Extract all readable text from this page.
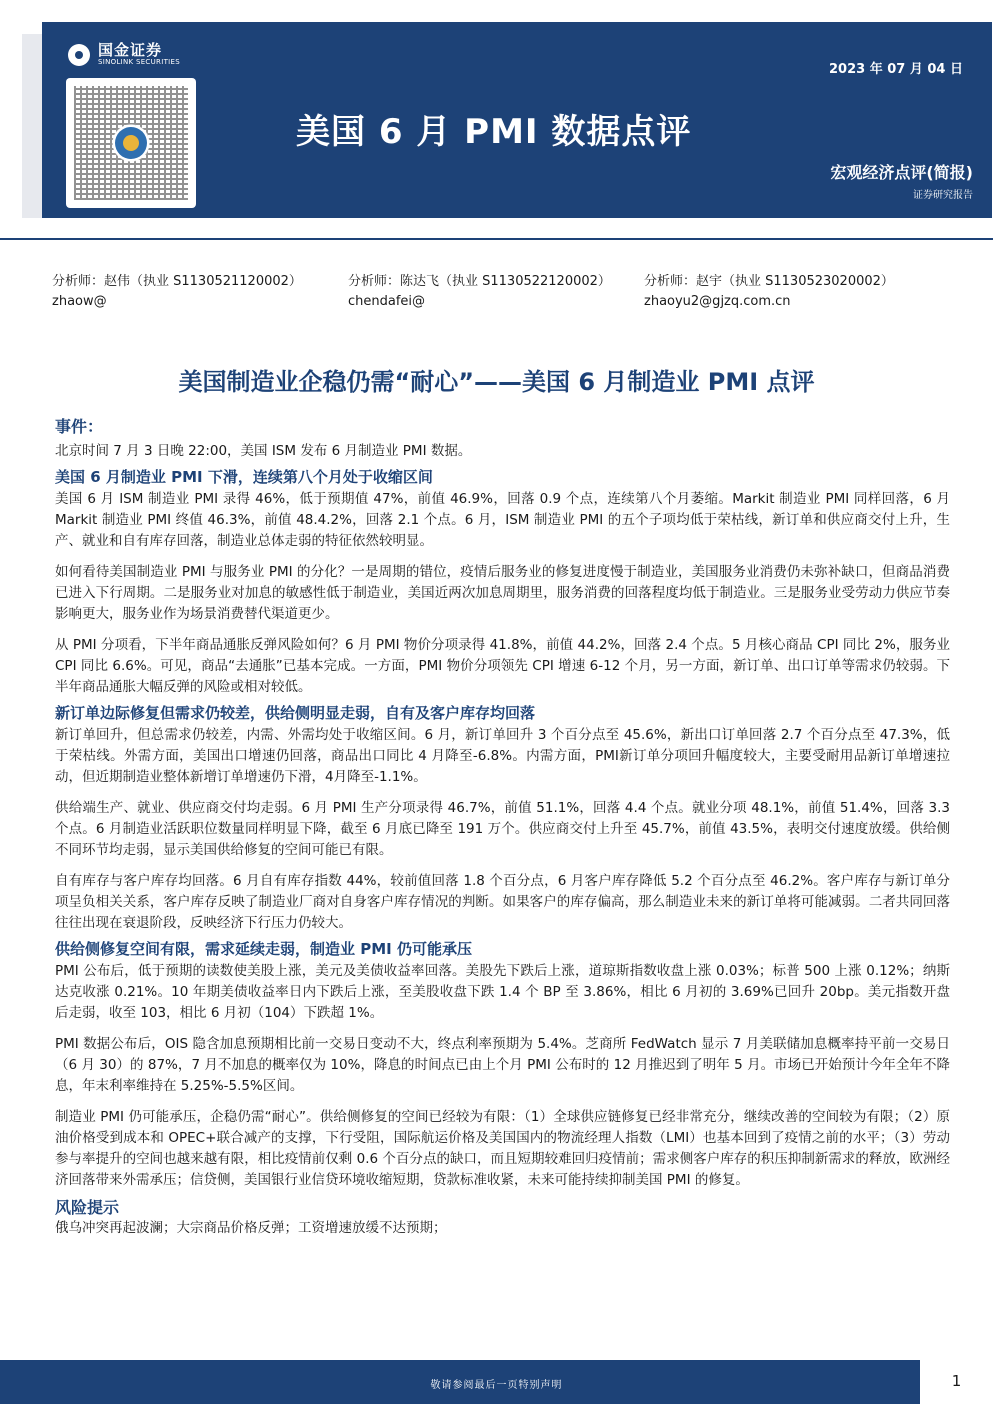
国金证券
SINOLINK SECURITIES	2023 年 07 月 04 日
美国 6 月 PMI 数据点评
宏观经济点评(简报)
证券研究报告
分析师：赵伟（执业 S1130521120002）
zhaow@
分析师：陈达飞（执业 S1130522120002）
chendafei@
分析师：赵宇（执业 S1130523020002）
zhaoyu2@gjzq.com.cn
美国制造业企稳仍需“耐心”——美国 6 月制造业 PMI 点评
事件：

北京时间 7 月 3 日晚 22:00，美国 ISM 发布 6 月制造业 PMI 数据。

美国 6 月制造业 PMI 下滑，连续第八个月处于收缩区间

美国 6 月 ISM 制造业 PMI 录得 46%，低于预期值 47%，前值 46.9%，回落 0.9 个点，连续第八个月萎缩。Markit 制造业 PMI 同样回落，6 月 Markit 制造业 PMI 终值 46.3%，前值 48.4.2%，回落 2.1 个点。6 月，ISM 制造业 PMI 的五个子项均低于荣枯线，新订单和供应商交付上升，生产、就业和自有库存回落，制造业总体走弱的特征依然较明显。

如何看待美国制造业 PMI 与服务业 PMI 的分化？一是周期的错位，疫情后服务业的修复进度慢于制造业，美国服务业消费仍未弥补缺口，但商品消费已进入下行周期。二是服务业对加息的敏感性低于制造业，美国近两次加息周期里，服务消费的回落程度均低于制造业。三是服务业受劳动力供应节奏影响更大，服务业作为场景消费替代渠道更少。

从 PMI 分项看，下半年商品通胀反弹风险如何？6 月 PMI 物价分项录得 41.8%，前值 44.2%，回落 2.4 个点。5 月核心商品 CPI 同比 2%，服务业 CPI 同比 6.6%。可见，商品“去通胀”已基本完成。一方面，PMI 物价分项领先 CPI 增速 6-12 个月，另一方面，新订单、出口订单等需求仍较弱。下半年商品通胀大幅反弹的风险或相对较低。

新订单边际修复但需求仍较差，供给侧明显走弱，自有及客户库存均回落

新订单回升，但总需求仍较差，内需、外需均处于收缩区间。6 月，新订单回升 3 个百分点至 45.6%，新出口订单回落 2.7 个百分点至 47.3%，低于荣枯线。外需方面，美国出口增速仍回落，商品出口同比 4 月降至-6.8%。内需方面，PMI新订单分项回升幅度较大，主要受耐用品新订单增速拉动，但近期制造业整体新增订单增速仍下滑，4月降至-1.1%。

供给端生产、就业、供应商交付均走弱。6 月 PMI 生产分项录得 46.7%，前值 51.1%，回落 4.4 个点。就业分项 48.1%，前值 51.4%，回落 3.3 个点。6 月制造业活跃职位数量同样明显下降，截至 6 月底已降至 191 万个。供应商交付上升至 45.7%，前值 43.5%，表明交付速度放缓。供给侧不同环节均走弱，显示美国供给修复的空间可能已有限。

自有库存与客户库存均回落。6 月自有库存指数 44%，较前值回落 1.8 个百分点，6 月客户库存降低 5.2 个百分点至 46.2%。客户库存与新订单分项呈负相关关系，客户库存反映了制造业厂商对自身客户库存情况的判断。如果客户的库存偏高，那么制造业未来的新订单将可能减弱。二者共同回落往往出现在衰退阶段，反映经济下行压力仍较大。

供给侧修复空间有限，需求延续走弱，制造业 PMI 仍可能承压

PMI 公布后，低于预期的读数使美股上涨，美元及美债收益率回落。美股先下跌后上涨，道琼斯指数收盘上涨 0.03%；标普 500 上涨 0.12%；纳斯达克收涨 0.21%。10 年期美债收益率日内下跌后上涨，至美股收盘下跌 1.4 个 BP 至 3.86%，相比 6 月初的 3.69%已回升 20bp。美元指数开盘后走弱，收至 103，相比 6 月初（104）下跌超 1%。

PMI 数据公布后，OIS 隐含加息预期相比前一交易日变动不大，终点利率预期为 5.4%。芝商所 FedWatch 显示 7 月美联储加息概率持平前一交易日（6 月 30）的 87%，7 月不加息的概率仅为 10%，降息的时间点已由上个月 PMI 公布时的 12 月推迟到了明年 5 月。市场已开始预计今年全年不降息，年末利率维持在 5.25%-5.5%区间。

制造业 PMI 仍可能承压，企稳仍需“耐心”。供给侧修复的空间已经较为有限：（1）全球供应链修复已经非常充分，继续改善的空间较为有限；（2）原油价格受到成本和 OPEC+联合减产的支撑，下行受阻，国际航运价格及美国国内的物流经理人指数（LMI）也基本回到了疫情之前的水平；（3）劳动参与率提升的空间也越来越有限，相比疫情前仅剩 0.6 个百分点的缺口，而且短期较难回归疫情前；需求侧客户库存的积压抑制新需求的释放，欧洲经济回落带来外需承压；信贷侧，美国银行业信贷环境收缩短期，贷款标准收紧，未来可能持续抑制美国 PMI 的修复。

风险提示

俄乌冲突再起波澜；大宗商品价格反弹；工资增速放缓不达预期；

敬请参阅最后一页特别声明	1
